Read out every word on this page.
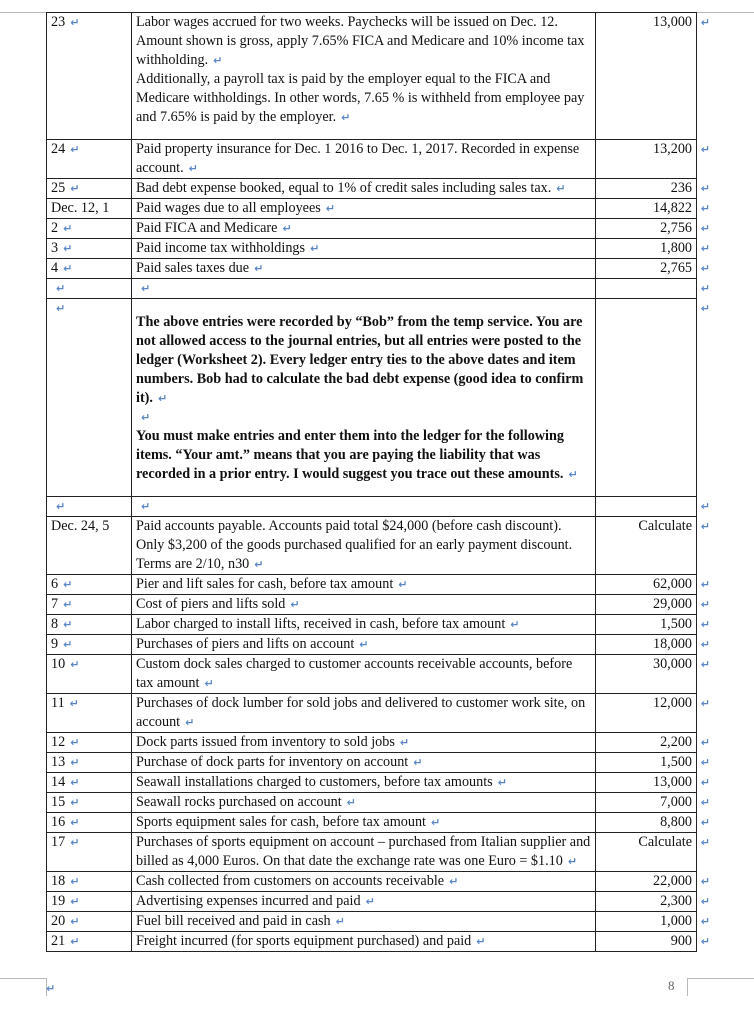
23 ↵	Labor wages accrued for two weeks. Paychecks will be issued on Dec. 12. Amount shown is gross, apply 7.65% FICA and Medicare and 10% income tax withholding. ↵

Additionally, a payroll tax is paid by the employer equal to the FICA and Medicare withholdings. In other words, 7.65 % is withheld from employee pay and 7.65% is paid by the employer. ↵	13,000
24 ↵	Paid property insurance for Dec. 1 2016 to Dec. 1, 2017. Recorded in expense account. ↵	13,200
25 ↵	Bad debt expense booked, equal to 1% of credit sales including sales tax. ↵	236
Dec. 12, 1	Paid wages due to all employees ↵	14,822
2 ↵	Paid FICA and Medicare ↵	2,756
3 ↵	Paid income tax withholdings ↵	1,800
4 ↵	Paid sales taxes due ↵	2,765
↵	↵	

↵	The above entries were recorded by “Bob” from the temp service. You are not allowed access to the journal entries, but all entries were posted to the ledger (Worksheet 2). Every ledger entry ties to the above dates and item numbers. Bob had to calculate the bad debt expense (good idea to confirm it). ↵

↵

You must make entries and enter them into the ledger for the following items. “Your amt.” means that you are paying the liability that was recorded in a prior entry. I would suggest you trace out these amounts. ↵	

↵	↵	

Dec. 24, 5	Paid accounts payable. Accounts paid total $24,000 (before cash discount). Only $3,200 of the goods purchased qualified for an early payment discount. Terms are 2/10, n30 ↵	Calculate
6 ↵	Pier and lift sales for cash, before tax amount ↵	62,000
7 ↵	Cost of piers and lifts sold ↵	29,000
8 ↵	Labor charged to install lifts, received in cash, before tax amount ↵	1,500
9 ↵	Purchases of piers and lifts on account ↵	18,000
10 ↵	Custom dock sales charged to customer accounts receivable accounts, before tax amount ↵	30,000
11 ↵	Purchases of dock lumber for sold jobs and delivered to customer work site, on account ↵	12,000
12 ↵	Dock parts issued from inventory to sold jobs ↵	2,200
13 ↵	Purchase of dock parts for inventory on account ↵	1,500
14 ↵	Seawall installations charged to customers, before tax amounts ↵	13,000
15 ↵	Seawall rocks purchased on account ↵	7,000
16 ↵	Sports equipment sales for cash, before tax amount ↵	8,800
17 ↵	Purchases of sports equipment on account – purchased from Italian supplier and billed as 4,000 Euros. On that date the exchange rate was one Euro = $1.10 ↵	Calculate
18 ↵	Cash collected from customers on accounts receivable ↵	22,000
19 ↵	Advertising expenses incurred and paid ↵	2,300
20 ↵	Fuel bill received and paid in cash ↵	1,000
21 ↵	Freight incurred (for sports equipment purchased) and paid ↵	900
↵
↵
↵
↵
↵
↵
↵
↵
↵
↵
↵
↵
↵
↵
↵
↵
↵
↵
↵
↵
↵
↵
↵
↵
↵
↵
↵
↵	8
